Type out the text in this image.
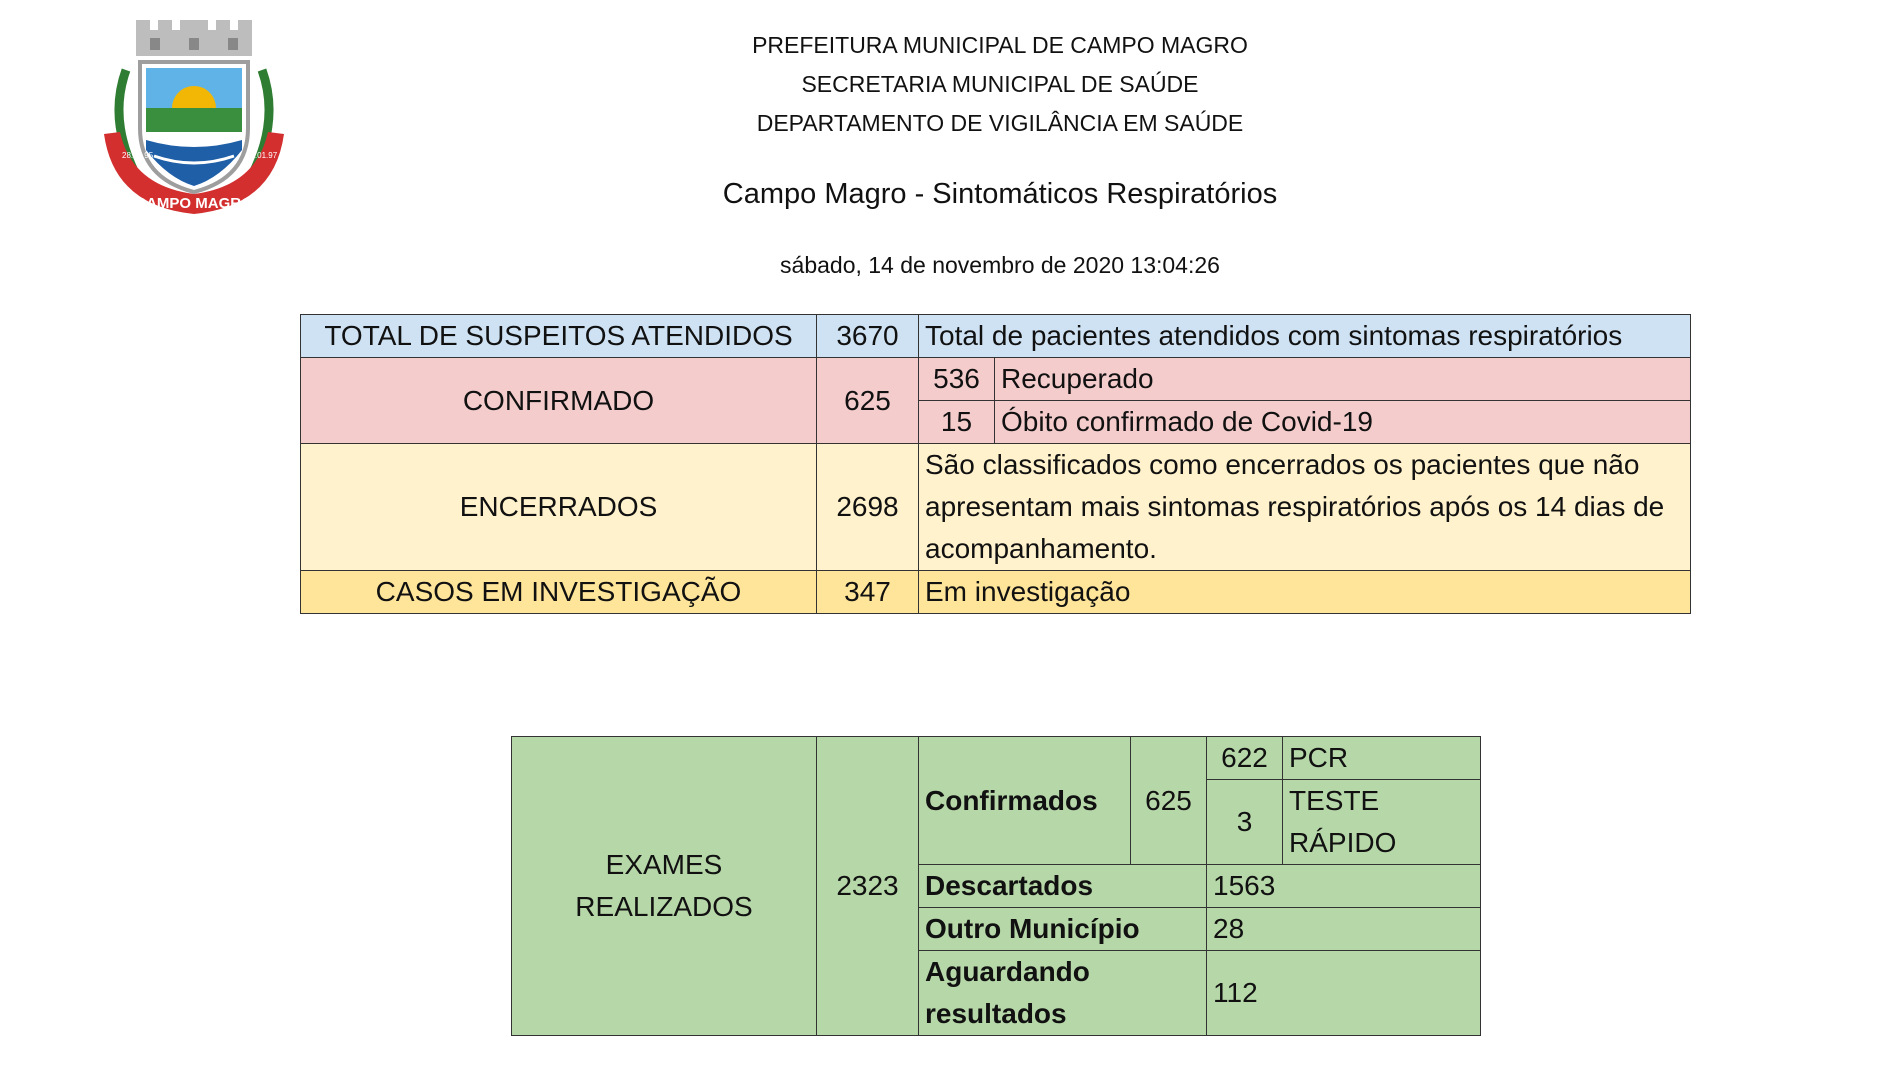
CAMPO MAGRO
28.12.95	01.01.97
PREFEITURA MUNICIPAL DE CAMPO MAGRO
SECRETARIA MUNICIPAL DE SAÚDE
DEPARTAMENTO DE VIGILÂNCIA EM SAÚDE
Campo Magro - Sintomáticos Respiratórios
sábado, 14 de novembro de 2020 13:04:26
TOTAL DE SUSPEITOS ATENDIDOS	3670	Total de pacientes atendidos com sintomas respiratórios	
CONFIRMADO	625	536	Recuperado
		15	Óbito confirmado de Covid-19
ENCERRADOS	2698	São classificados como encerrados os pacientes que não apresentam mais sintomas respiratórios após os 14 dias de acompanhamento.	
CASOS EM INVESTIGAÇÃO	347	Em investigação	
EXAMES REALIZADOS	2323	Confirmados	625	622	PCR
				3	TESTE RÁPIDO
		Descartados		1563	
		Outro Município		28	
		Aguardando resultados		112	
